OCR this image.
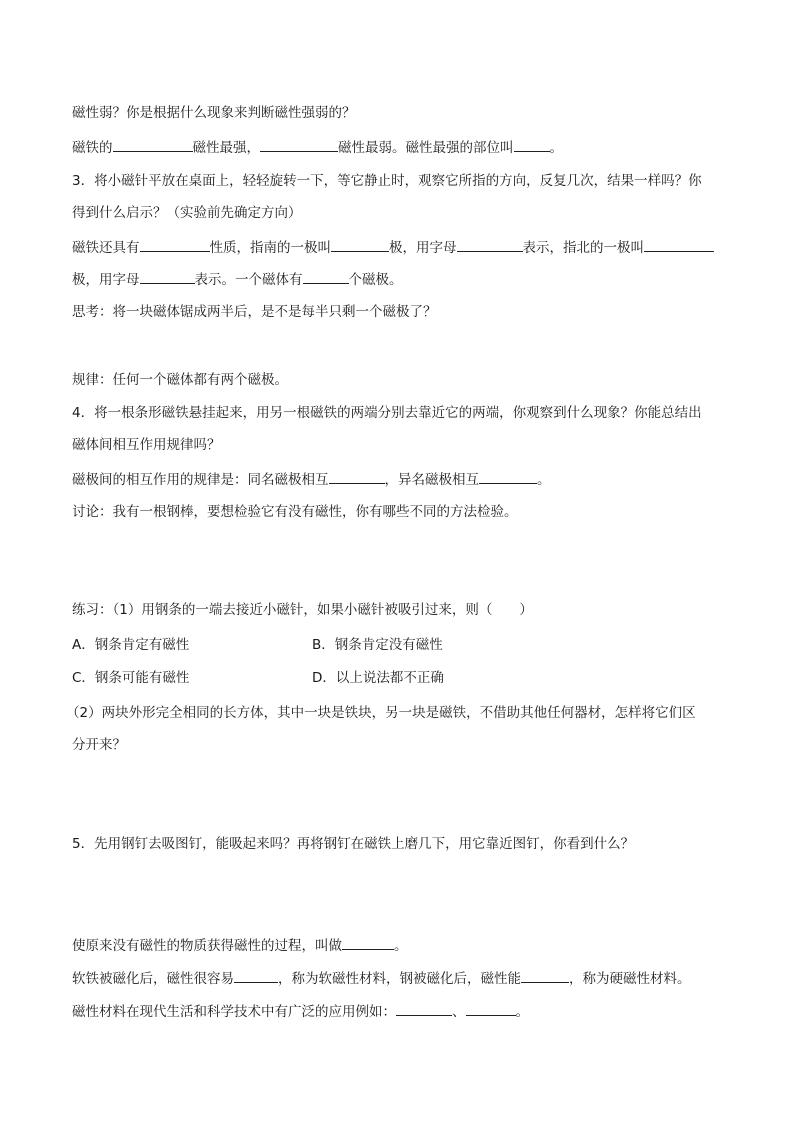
磁性弱？你是根据什么现象来判断磁性强弱的？
磁铁的	磁性最强，	磁性最弱。磁性最强的部位叫	。
3．将小磁针平放在桌面上，轻轻旋转一下，等它静止时，观察它所指的方向，反复几次，结果一样吗？你
得到什么启示？（实验前先确定方向）
磁铁还具有	性质，指南的一极叫	极，用字母	表示，指北的一极叫
极，用字母	表示。一个磁体有	个磁极。
思考：将一块磁体锯成两半后，是不是每半只剩一个磁极了？
规律：任何一个磁体都有两个磁极。
4．将一根条形磁铁悬挂起来，用另一根磁铁的两端分别去靠近它的两端，你观察到什么现象？你能总结出
磁体间相互作用规律吗？
磁极间的相互作用的规律是：同名磁极相互	，异名磁极相互	。
讨论：我有一根钢棒，要想检验它有没有磁性，你有哪些不同的方法检验。
练习：（1）用钢条的一端去接近小磁针，如果小磁针被吸引过来，则（　　）
A．钢条肯定有磁性	B．钢条肯定没有磁性
C．钢条可能有磁性	D．以上说法都不正确
（2）两块外形完全相同的长方体，其中一块是铁块，另一块是磁铁，不借助其他任何器材，怎样将它们区
分开来？
5．先用钢钉去吸图钉，能吸起来吗？再将钢钉在磁铁上磨几下，用它靠近图钉，你看到什么？
使原来没有磁性的物质获得磁性的过程，叫做	。
软铁被磁化后，磁性很容易	，称为软磁性材料，钢被磁化后，磁性能	，称为硬磁性材料。
磁性材料在现代生活和科学技术中有广泛的应用例如：	、	。
